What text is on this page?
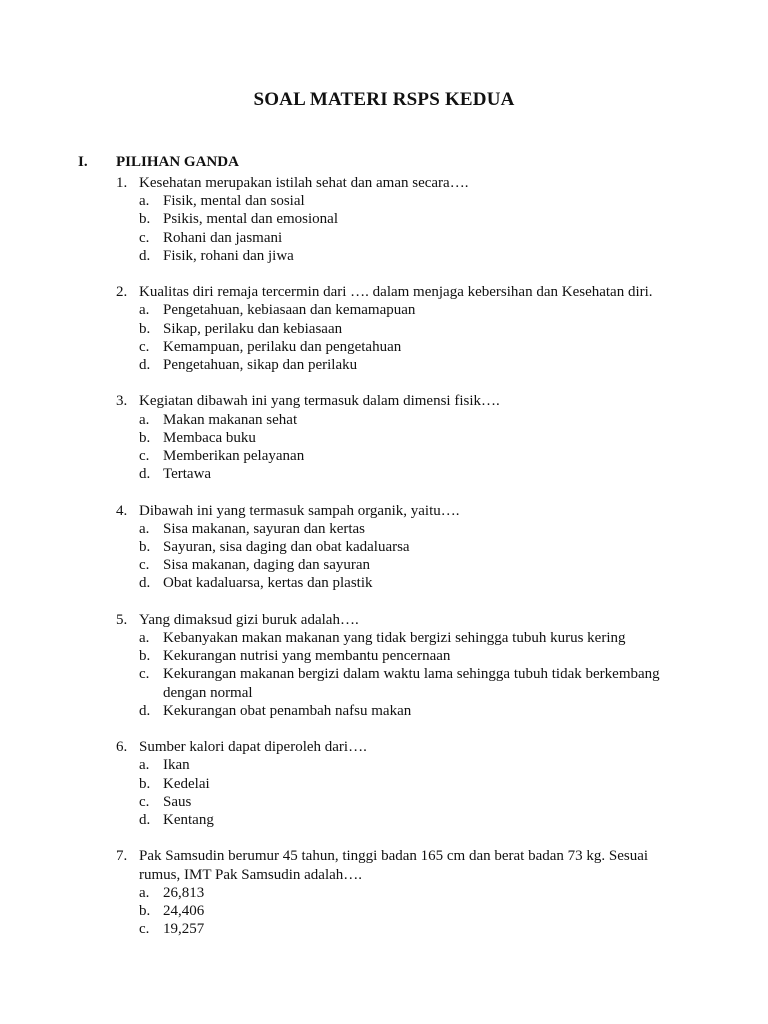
SOAL MATERI RSPS KEDUA
I. PILIHAN GANDA
1. Kesehatan merupakan istilah sehat dan aman secara….
a. Fisik, mental dan sosial
b. Psikis, mental dan emosional
c. Rohani dan jasmani
d. Fisik, rohani dan jiwa
2. Kualitas diri remaja tercermin dari …. dalam menjaga kebersihan dan Kesehatan diri.
a. Pengetahuan, kebiasaan dan kemamapuan
b. Sikap, perilaku dan kebiasaan
c. Kemampuan, perilaku dan pengetahuan
d. Pengetahuan, sikap dan perilaku
3. Kegiatan dibawah ini yang termasuk dalam dimensi fisik….
a. Makan makanan sehat
b. Membaca buku
c. Memberikan pelayanan
d. Tertawa
4. Dibawah ini yang termasuk sampah organik, yaitu….
a. Sisa makanan, sayuran dan kertas
b. Sayuran, sisa daging dan obat kadaluarsa
c. Sisa makanan, daging dan sayuran
d. Obat kadaluarsa, kertas dan plastik
5. Yang dimaksud gizi buruk adalah….
a. Kebanyakan makan makanan yang tidak bergizi sehingga tubuh kurus kering
b. Kekurangan nutrisi yang membantu pencernaan
c. Kekurangan makanan bergizi dalam waktu lama sehingga tubuh tidak berkembang dengan normal
d. Kekurangan obat penambah nafsu makan
6. Sumber kalori dapat diperoleh dari….
a. Ikan
b. Kedelai
c. Saus
d. Kentang
7. Pak Samsudin berumur 45 tahun, tinggi badan 165 cm dan berat badan 73 kg. Sesuai rumus, IMT Pak Samsudin adalah….
a. 26,813
b. 24,406
c. 19,257
